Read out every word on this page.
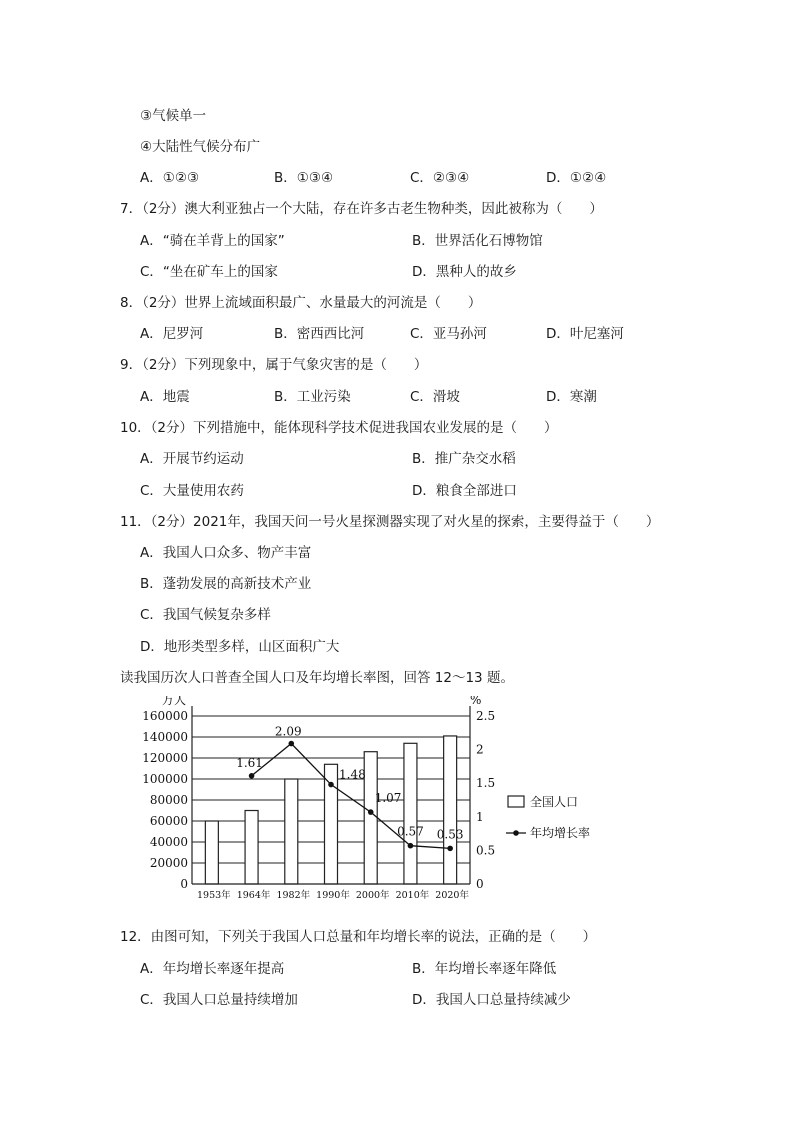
③气候单一
④大陆性气候分布广
A．①②③	B．①③④	C．②③④	D．①②④
7．（2分）澳大利亚独占一个大陆，存在许多古老生物种类，因此被称为（　　）
A．“骑在羊背上的国家”	B．世界活化石博物馆
C．“坐在矿车上的国家	D．黑种人的故乡
8．（2分）世界上流域面积最广、水量最大的河流是（　　）
A．尼罗河	B．密西西比河	C．亚马孙河	D．叶尼塞河
9．（2分）下列现象中，属于气象灾害的是（　　）
A．地震	B．工业污染	C．滑坡	D．寒潮
10．（2分）下列措施中，能体现科学技术促进我国农业发展的是（　　）
A．开展节约运动	B．推广杂交水稻
C．大量使用农药	D．粮食全部进口
11．（2分）2021年，我国天问一号火星探测器实现了对火星的探索，主要得益于（　　）
A．我国人口众多、物产丰富
B．蓬勃发展的高新技术产业
C．我国气候复杂多样
D．地形类型多样，山区面积广大
读我国历次人口普查全国人口及年均增长率图，回答 12～13 题。
0
20000
40000
60000
80000
100000
120000
140000
160000
万人
0
0.5
1
1.5
2
2.5
%
1953年 1964年 1982年 1990年 2000年 2010年 2020年
1.61
2.09
1.48
1.07
0.57 0.53
全国人口
年均增长率
12．由图可知，下列关于我国人口总量和年均增长率的说法，正确的是（　　）
A．年均增长率逐年提高	B．年均增长率逐年降低
C．我国人口总量持续增加	D．我国人口总量持续减少
